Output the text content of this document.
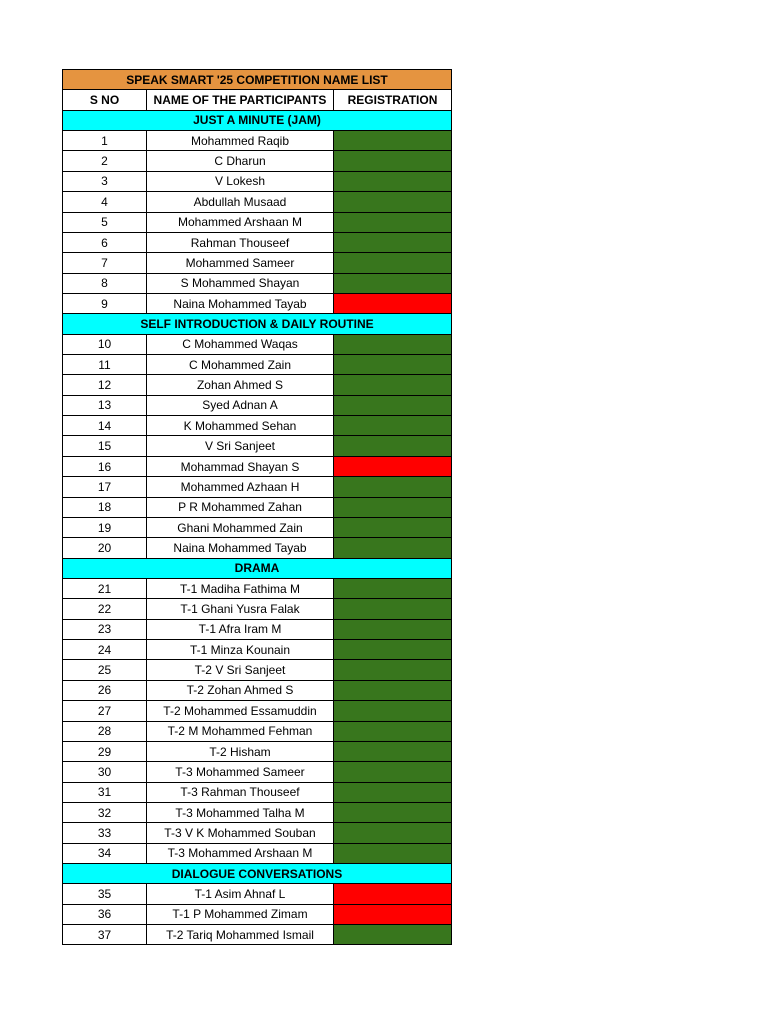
SPEAK SMART '25 COMPETITION NAME LIST		
S NO	NAME OF THE PARTICIPANTS	REGISTRATION
JUST A MINUTE (JAM)		
1	Mohammed Raqib	
2	C Dharun	
3	V Lokesh	
4	Abdullah Musaad	
5	Mohammed Arshaan M	
6	Rahman Thouseef	
7	Mohammed Sameer	
8	S Mohammed Shayan	
9	Naina Mohammed Tayab	
SELF INTRODUCTION & DAILY ROUTINE		
10	C Mohammed Waqas	
11	C Mohammed Zain	
12	Zohan Ahmed S	
13	Syed Adnan A	
14	K Mohammed Sehan	
15	V Sri Sanjeet	
16	Mohammad Shayan S	
17	Mohammed Azhaan H	
18	P R Mohammed Zahan	
19	Ghani Mohammed Zain	
20	Naina Mohammed Tayab	
DRAMA		
21	T-1 Madiha Fathima M	
22	T-1 Ghani Yusra Falak	
23	T-1 Afra Iram M	
24	T-1 Minza Kounain	
25	T-2 V Sri Sanjeet	
26	T-2 Zohan Ahmed S	
27	T-2 Mohammed Essamuddin	
28	T-2 M Mohammed Fehman	
29	T-2 Hisham	
30	T-3 Mohammed Sameer	
31	T-3 Rahman Thouseef	
32	T-3 Mohammed Talha M	
33	T-3 V K Mohammed Souban	
34	T-3 Mohammed Arshaan M	
DIALOGUE CONVERSATIONS		
35	T-1 Asim Ahnaf L	
36	T-1 P Mohammed Zimam	
37	T-2 Tariq Mohammed Ismail	
